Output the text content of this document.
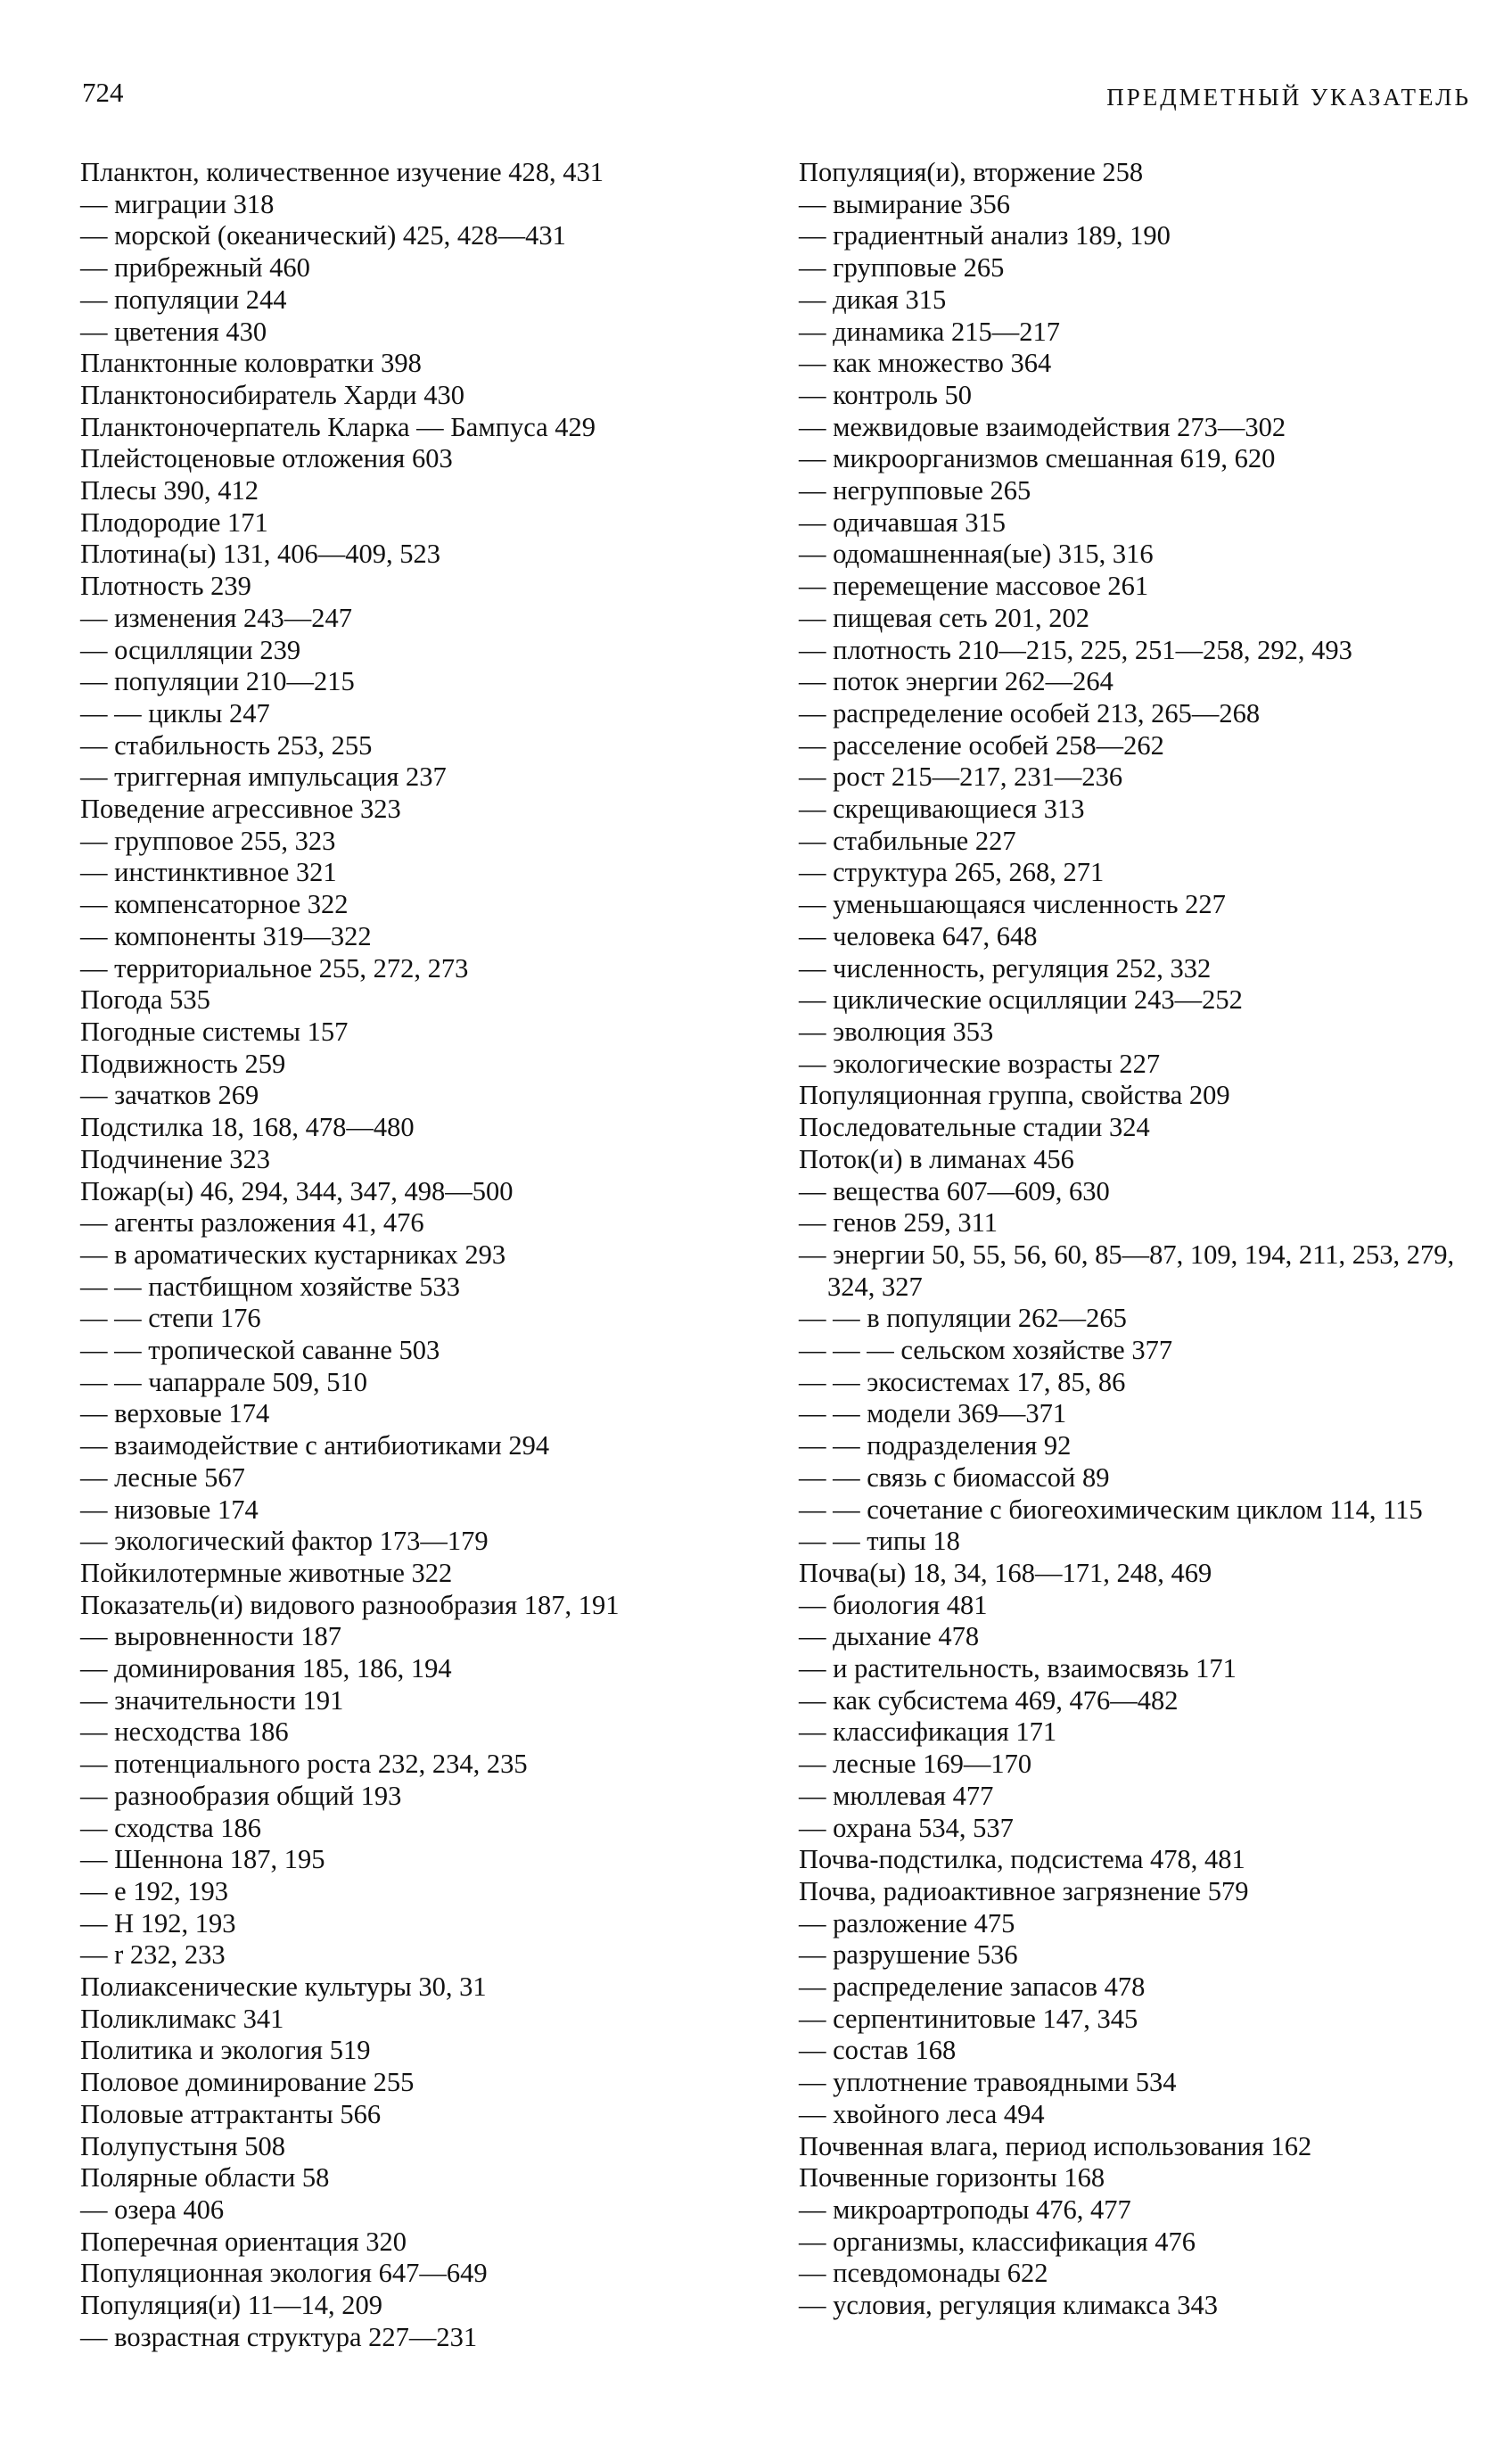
724	ПРЕДМЕТНЫЙ УКАЗАТЕЛЬ
Планктон, количественное изучение 428, 431
— миграции 318
— морской (океанический) 425, 428—431
— прибрежный 460
— популяции 244
— цветения 430
Планктонные коловратки 398
Планктоносибиратель Харди 430
Планктоночерпатель Кларка — Бампуса 429
Плейстоценовые отложения 603
Плесы 390, 412
Плодородие 171
Плотина(ы) 131, 406—409, 523
Плотность 239
— изменения 243—247
— осцилляции 239
— популяции 210—215
— — циклы 247
— стабильность 253, 255
— триггерная импульсация 237
Поведение агрессивное 323
— групповое 255, 323
— инстинктивное 321
— компенсаторное 322
— компоненты 319—322
— территориальное 255, 272, 273
Погода 535
Погодные системы 157
Подвижность 259
— зачатков 269
Подстилка 18, 168, 478—480
Подчинение 323
Пожар(ы) 46, 294, 344, 347, 498—500
— агенты разложения 41, 476
— в ароматических кустарниках 293
— — пастбищном хозяйстве 533
— — степи 176
— — тропической саванне 503
— — чапаррале 509, 510
— верховые 174
— взаимодействие с антибиотиками 294
— лесные 567
— низовые 174
— экологический фактор 173—179
Пойкилотермные животные 322
Показатель(и) видового разнообразия 187, 191
— выровненности 187
— доминирования 185, 186, 194
— значительности 191
— несходства 186
— потенциального роста 232, 234, 235
— разнообразия общий 193
— сходства 186
— Шеннона 187, 195
— e 192, 193
— H 192, 193
— r 232, 233
Полиаксенические культуры 30, 31
Поликлимакс 341
Политика и экология 519
Половое доминирование 255
Половые аттрактанты 566
Полупустыня 508
Полярные области 58
— озера 406
Поперечная ориентация 320
Популяционная экология 647—649
Популяция(и) 11—14, 209
— возрастная структура 227—231
Популяция(и), вторжение 258
— вымирание 356
— градиентный анализ 189, 190
— групповые 265
— дикая 315
— динамика 215—217
— как множество 364
— контроль 50
— межвидовые взаимодействия 273—302
— микроорганизмов смешанная 619, 620
— негрупповые 265
— одичавшая 315
— одомашненная(ые) 315, 316
— перемещение массовое 261
— пищевая сеть 201, 202
— плотность 210—215, 225, 251—258, 292, 493
— поток энергии 262—264
— распределение особей 213, 265—268
— расселение особей 258—262
— рост 215—217, 231—236
— скрещивающиеся 313
— стабильные 227
— структура 265, 268, 271
— уменьшающаяся численность 227
— человека 647, 648
— численность, регуляция 252, 332
— циклические осцилляции 243—252
— эволюция 353
— экологические возрасты 227
Популяционная группа, свойства 209
Последовательные стадии 324
Поток(и) в лиманах 456
— вещества 607—609, 630
— генов 259, 311
— энергии 50, 55, 56, 60, 85—87, 109, 194, 211, 253, 279, 324, 327
— — в популяции 262—265
— — — сельском хозяйстве 377
— — экосистемах 17, 85, 86
— — модели 369—371
— — подразделения 92
— — связь с биомассой 89
— — сочетание с биогеохимическим циклом 114, 115
— — типы 18
Почва(ы) 18, 34, 168—171, 248, 469
— биология 481
— дыхание 478
— и растительность, взаимосвязь 171
— как субсистема 469, 476—482
— классификация 171
— лесные 169—170
— мюллевая 477
— охрана 534, 537
Почва-подстилка, подсистема 478, 481
Почва, радиоактивное загрязнение 579
— разложение 475
— разрушение 536
— распределение запасов 478
— серпентинитовые 147, 345
— состав 168
— уплотнение травоядными 534
— хвойного леса 494
Почвенная влага, период использования 162
Почвенные горизонты 168
— микроартроподы 476, 477
— организмы, классификация 476
— псевдомонады 622
— условия, регуляция климакса 343
